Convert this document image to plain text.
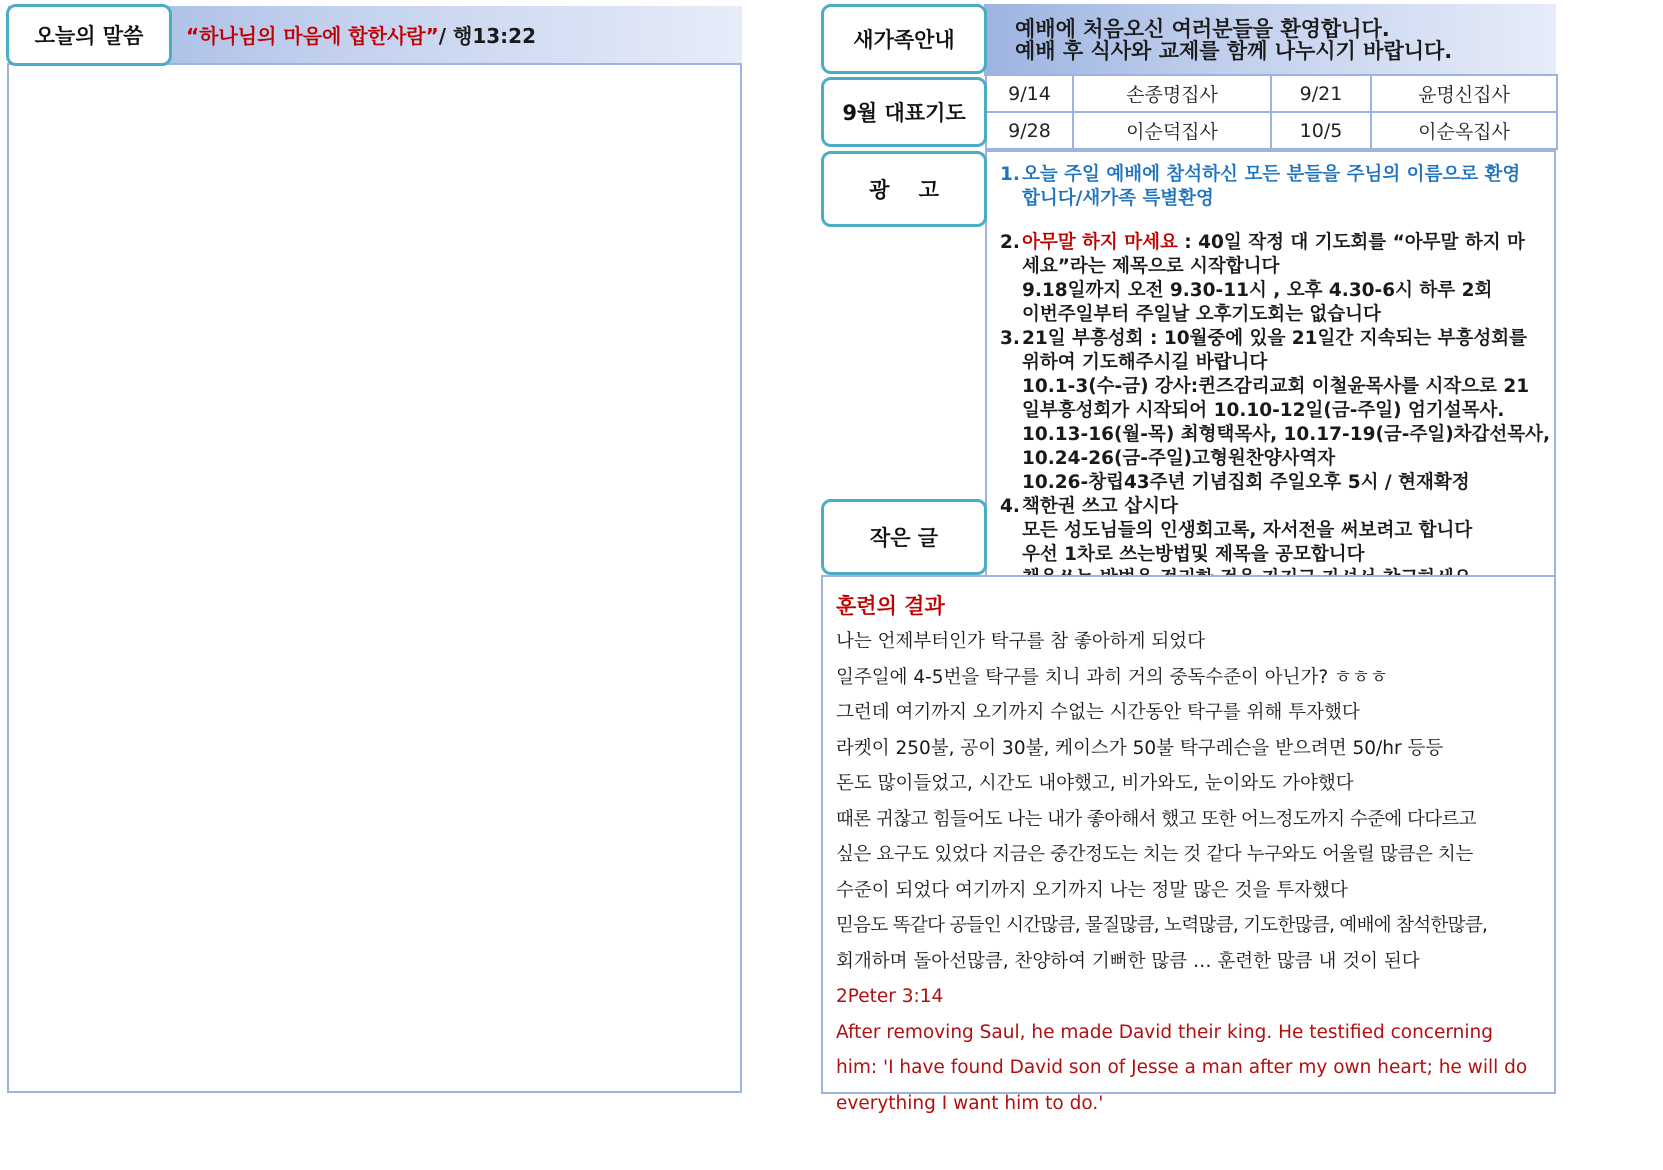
“하나님의 마음에 합한사람”/ 행13:22
오늘의 말씀	예배에 처음오신 여러분들을 환영합니다.
예배 후 식사와 교제를 함께 나누시기 바랍니다.
새가족안내
9/14	손종명집사	9/21	윤명신집사
9/28	이순덕집사	10/5	이순옥집사
9월 대표기도
1. 오늘 주일 예배에 참석하신 모든 분들을 주님의 이름으로 환영
합니다/새가족 특별환영
2. 아무말 하지 마세요 : 40일 작정 대 기도회를 “아무말 하지 마
세요”라는 제목으로 시작합니다
9.18일까지 오전 9.30-11시 , 오후 4.30-6시 하루 2회
이번주일부터 주일날 오후기도회는 없습니다
3. 21일 부흥성회 : 10월중에 있을 21일간 지속되는 부흥성회를
위하여 기도해주시길 바랍니다
10.1-3(수-금) 강사:퀸즈감리교회 이철윤목사를 시작으로 21
일부흥성회가 시작되어 10.10-12일(금-주일) 엄기설목사.
10.13-16(월-목) 최형택목사, 10.17-19(금-주일)차갑선목사,
10.24-26(금-주일)고형원찬양사역자
10.26-창립43주년 기념집회 주일오후 5시 / 현재확정
4. 책한권 쓰고 삽시다
모든 성도님들의 인생회고록, 자서전을 써보려고 합니다
우선 1차로 쓰는방법및 제목을 공모합니다
광    고
작은 글
훈련의 결과
나는 언제부터인가 탁구를 참 좋아하게 되었다
일주일에 4-5번을 탁구를 치니 과히 거의 중독수준이 아닌가? ㅎㅎㅎ
그런데 여기까지 오기까지 수없는 시간동안 탁구를 위해 투자했다
라켓이 250불, 공이 30불, 케이스가 50불 탁구레슨을 받으려면 50/hr 등등
돈도 많이들었고, 시간도 내야했고, 비가와도, 눈이와도 가야했다
때론 귀찮고 힘들어도 나는 내가 좋아해서 했고 또한 어느정도까지 수준에 다다르고
싶은 요구도 있었다 지금은 중간정도는 치는 것 같다 누구와도 어울릴 많큼은 치는
수준이 되었다 여기까지 오기까지 나는 정말 많은 것을 투자했다
믿음도 똑같다 공들인 시간많큼, 물질많큼, 노력많큼, 기도한많큼, 예배에 참석한많큼,
회개하며 돌아선많큼, 찬양하여 기뻐한 많큼 … 훈련한 많큼 내 것이 된다
2Peter 3:14
After removing Saul, he made David their king. He testified concerning him: 'I have found David son of Jesse a man after my own heart; he will do everything I want him to do.'
